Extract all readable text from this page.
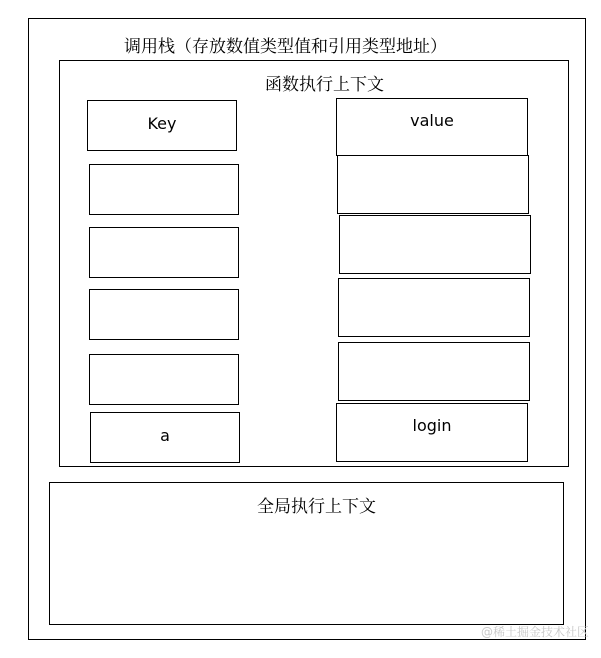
调用栈（存放数值类型值和引用类型地址）
函数执行上下文
Key
a
value
login
全局执行上下文
@稀土掘金技术社区
